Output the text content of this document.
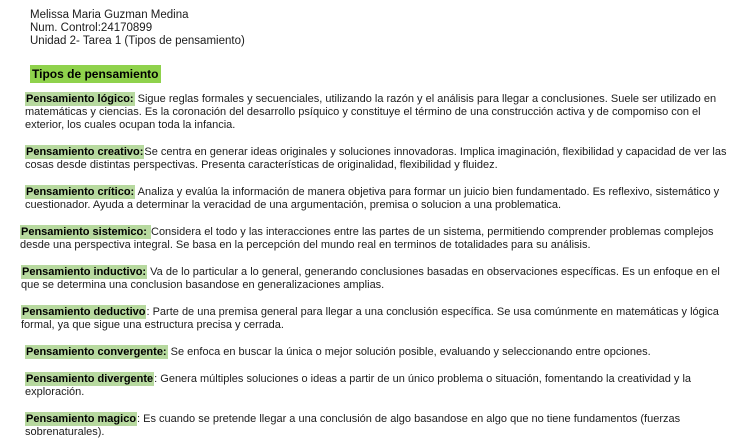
Melissa Maria Guzman Medina
Num. Control:24170899
Unidad 2- Tarea 1 (Tipos de pensamiento)
Tipos de pensamiento

Pensamiento lógico: Sigue reglas formales y secuenciales, utilizando la razón y el análisis para llegar a conclusiones. Suele ser utilizado en matemáticas y ciencias. Es la coronación del desarrollo psíquico y constituye el término de una construcción activa y de compomiso con el exterior, los cuales ocupan toda la infancia.

Pensamiento creativo:Se centra en generar ideas originales y soluciones innovadoras. Implica imaginación, flexibilidad y capacidad de ver las cosas desde distintas perspectivas. Presenta características de originalidad, flexibilidad y fluidez.

Pensamiento crítico: Analiza y evalúa la información de manera objetiva para formar un juicio bien fundamentado. Es reflexivo, sistemático y cuestionador. Ayuda a determinar la veracidad de una argumentación, premisa o solucion a una problematica.

Pensamiento sistemico: Considera el todo y las interacciones entre las partes de un sistema, permitiendo comprender problemas complejos desde una perspectiva integral. Se basa en la percepción del mundo real en terminos de totalidades para su análisis.

Pensamiento inductivo: Va de lo particular a lo general, generando conclusiones basadas en observaciones específicas. Es un enfoque en el que se determina una conclusion basandose en generalizaciones amplias.

Pensamiento deductivo: Parte de una premisa general para llegar a una conclusión específica. Se usa comúnmente en matemáticas y lógica formal, ya que sigue una estructura precisa y cerrada.

Pensamiento convergente: Se enfoca en buscar la única o mejor solución posible, evaluando y seleccionando entre opciones.

Pensamiento divergente: Genera múltiples soluciones o ideas a partir de un único problema o situación, fomentando la creatividad y la exploración.

Pensamiento magico: Es cuando se pretende llegar a una conclusión de algo basandose en algo que no tiene fundamentos (fuerzas sobrenaturales).
